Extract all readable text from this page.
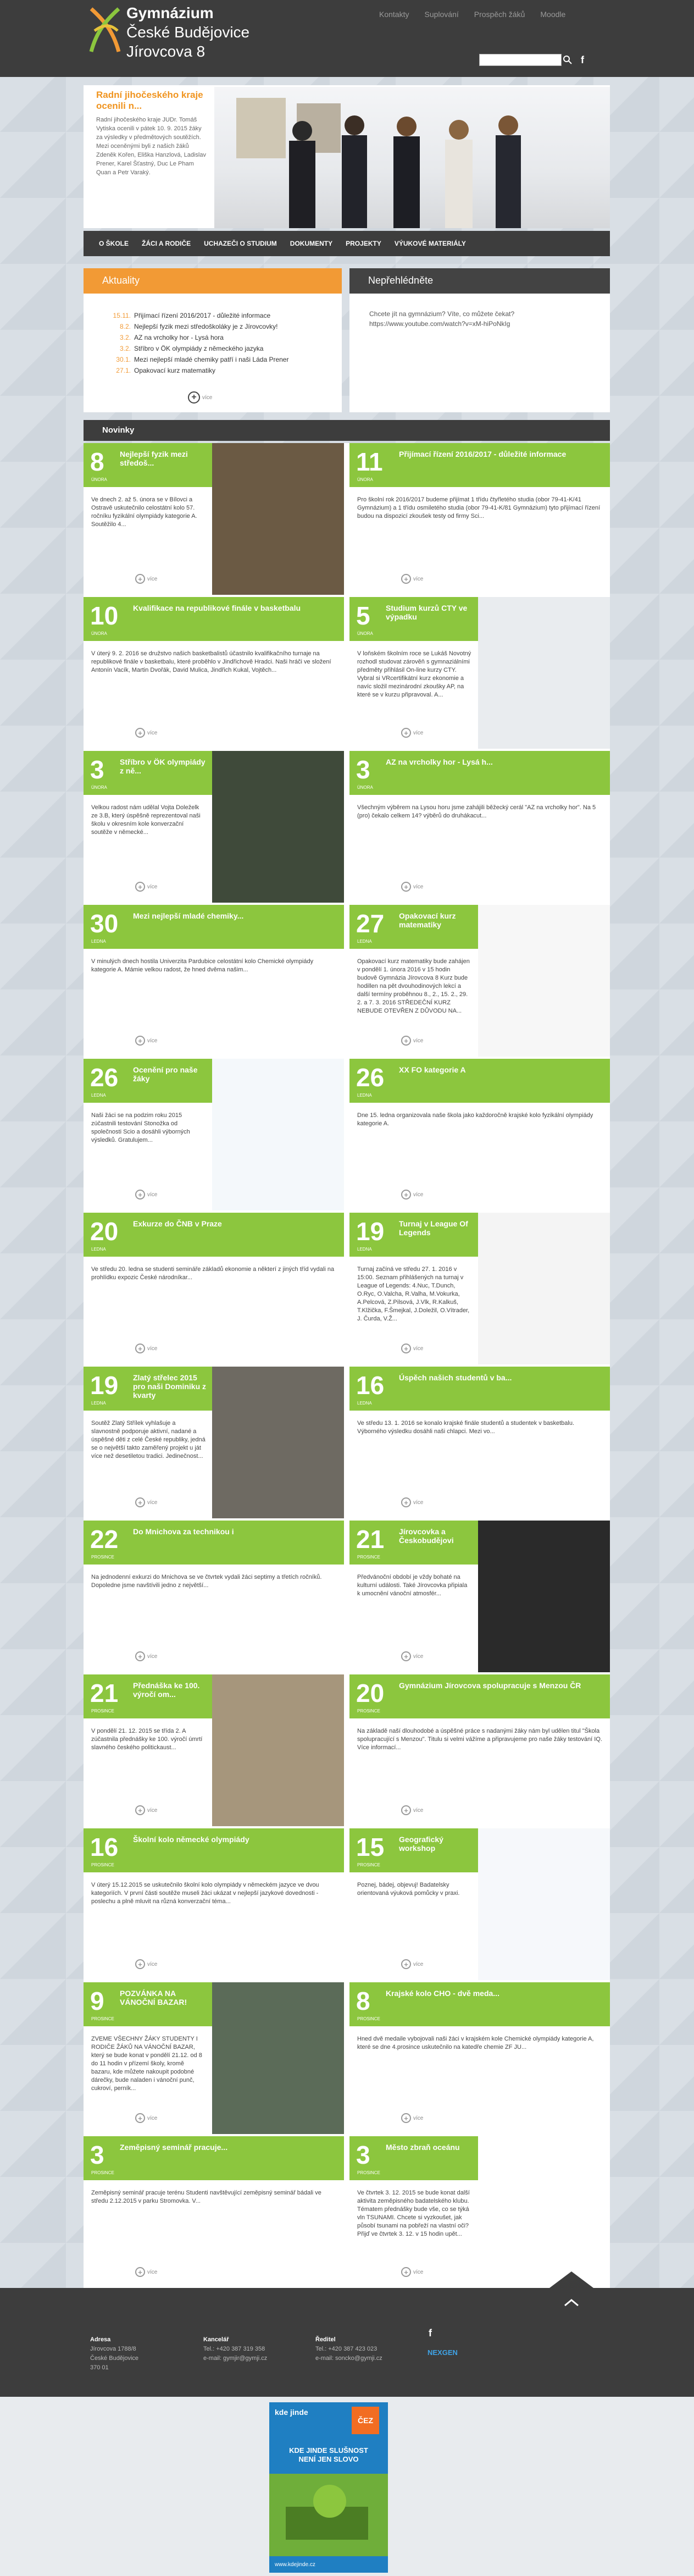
Gymnázium
České Budějovice
Jírovcova 8
Kontakty Suplování Prospěch žáků Moodle
f
Radní jihočeského kraje ocenili n...
Radní jihočeského kraje JUDr. Tomáš Vytiska ocenili v pátek 10. 9. 2015 žáky za výsledky v předmětových soutěžích. Mezi oceněnými byli z našich žáků Zdeněk Kořen, Eliška Hanzlová, Ladislav Prener, Karel Šťastný, Duc Le Pham Quan a Petr Varaký.
O ŠKOLE ŽÁCI A RODIČE UCHAZEČI O STUDIUM DOKUMENTY PROJEKTY VÝUKOVÉ MATERIÁLY
Aktuality
15.11. Přijímací řízení 2016/2017 - důležité informace
8.2. Nejlepší fyzik mezi středoškoláky je z Jírovcovky!
3.2. AZ na vrcholky hor - Lysá hora
3.2. Stříbro v ÖK olympiády z německého jazyka
30.1. Mezi nejlepší mladé chemiky patří i naši Láda Prener
27.1. Opakovací kurz matematiky
+	více
Nepřehlédněte
Chcete jít na gymnázium? Víte, co můžete čekat? https://www.youtube.com/watch?v=xM-hiPoNkIg
Novinky
8
ÚNORA
Nejlepší fyzik mezi středoš...
Ve dnech 2. až 5. února se v Bílovci a Ostravě uskutečnilo celostátní kolo 57. ročníku fyzikální olympiády kategorie A. Soutěžilo 4...
+ více
11
ÚNORA
Přijímací řízení 2016/2017 - důležité informace
Pro školní rok 2016/2017 budeme přijímat 1 třídu čtyřletého studia (obor 79-41-K/41 Gymnázium) a 1 třídu osmiletého studia (obor 79-41-K/81 Gymnázium) tyto přijímací řízení budou na dispozicí zkoušek testy od firmy Sci...
+ více
10
ÚNORA
Kvalifikace na republikové finále v basketbalu
V úterý 9. 2. 2016 se družstvo našich basketbalistů účastnilo kvalifikačního turnaje na republikové finále v basketbalu, které proběhlo v Jindřichově Hradci. Naši hráči ve složení Antonín Vacík, Martin Dvořák, David Mulica, Jindřich Kukal, Vojtěch...
+ více
5
ÚNORA
Studium kurzů CTY ve výpadku
V loňském školním roce se Lukáš Novotný rozhodl studovat zárověň s gymnaziálními předměty přihlásil On-line kurzy CTY. Vybral si VRcertifikátní kurz ekonomie a navíc složil mezinárodní zkoušky AP, na které se v kurzu připravoval. A...
+ více
3
ÚNORA
Stříbro v ÖK olympiády z ně...
Velkou radost nám udělal Vojta Doleželk ze 3.B, který úspěšně reprezentoval naši školu v okresním kole konverzační soutěže v německé...
+ více
3
ÚNORA
AZ na vrcholky hor - Lysá h...
Všechným výběrem na Lysou horu jsme zahájili běžecký cerál "AZ na vrcholky hor". Na 5 (pro) čekalo celkem 14? výběrů do druhákacut...
+ více
30
LEDNA
Mezi nejlepší mladé chemiky...
V minulých dnech hostila Univerzita Pardubice celostátní kolo Chemické olympiády kategorie A. Mámie velkou radost, že hned dvěma našim...
+ více
27
LEDNA
Opakovací kurz matematiky
Opakovací kurz matematiky bude zahájen v pondělí 1. února 2016 v 15 hodin budově Gymnázia Jírovcova 8 Kurz bude hodillen na pět dvouhodinových lekcí a další termíny proběhnou 8., 2., 15. 2., 29. 2. a 7. 3. 2016 STŘEDEČNÍ KURZ NEBUDE OTEVŘEN Z DŮVODU NA...
+ více
26
LEDNA
Ocenění pro naše žáky
Naši žáci se na podzim roku 2015 zúčastnili testování Stonožka od společnosti Scio a dosáhli výborných výsledků. Gratulujem...
+ více
26
LEDNA
XX FO kategorie A
Dne 15. ledna organizovala naše škola jako každoročně krajské kolo fyzikální olympiády kategorie A.
+ více
20
LEDNA
Exkurze do ČNB v Praze
Ve středu 20. ledna se studenti semináře základů ekonomie a některí z jiných tříd vydali na prohlídku expozic České národníkar...
+ více
19
LEDNA
Turnaj v League Of Legends
Turnaj začíná ve středu 27. 1. 2016 v 15:00. Seznam přihlášených na turnaj v League of Legends: 4.Nuc, T.Dunch, O.Ryc, O.Valcha, R.Valha, M.Vokurka, A.Pelcová, Z.Pilsová, J.Vlk, R.Kalkuš, T.Klžičkа, F.Šmejkal, J.Doležil, O.Vítrader, J. Čurda, V.Ž...
+ více
19
LEDNA
Zlatý střelec 2015 pro naši Dominiku z kvarty
Soutěž Zlatý Střílek vyhlašuje a slavnostně podporuje aktivní, nadané a úspěšné děti z celé České republiky, jedná se o největší takto zaměřený projekt u ját více než desetiletou tradici. Jedinečnost...
+ více
16
LEDNA
Úspěch našich studentů v ba...
Ve středu 13. 1. 2016 se konalo krajské finále studentů a studentek v basketbalu. Výborného výsledku dosáhli naši chlapci. Mezi vo...
+ více
22
PROSINCE
Do Mnichova za technikou i
Na jednodenní exkurzi do Mnichova se ve čtvrtek vydali žáci septimy a třetích ročníků. Dopoledne jsme navštívili jedno z největší...
+ více
21
PROSINCE
Jírovcovka a Českobudějovi
Předvánoční období je vždy bohaté na kulturní události. Také Jírovcovka připiala k umocnění vánoční atmosfér...
+ více
21
PROSINCE
Přednáška ke 100. výročí om...
V pondělí 21. 12. 2015 se třída 2. A zúčastnila přednášky ke 100. výročí úmrtí slavného českého politickaust...
+ více
20
PROSINCE
Gymnázium Jírovcova spolupracuje s Menzou ČR
Na základě naší dlouhodobé a úspěšné práce s nadanými žáky nám byl udělen titul "Škola spolupracující s Menzou". Titulu si velmi vážíme a připravujeme pro naše žáky testování IQ. Více informací...
+ více
16
PROSINCE
Školní kolo německé olympiády
V úterý 15.12.2015 se uskutečnilo školní kolo olympiády v německém jazyce ve dvou kategoriích. V první části soutěže museli žáci ukázat v nejlepší jazykové dovednosti - poslechu a plně mluvit na různá konverzační téma...
+ více
15
PROSINCE
Geografický workshop
Poznej, bádej, objevuj! Badatelsky orientovaná výuková pomůcky v praxi.
+ více
9
PROSINCE
POZVÁNKA NA VÁNOČNÍ BAZAR!
ZVEME VŠECHNY ŽÁKY STUDENTY I RODIČE ŽÁKŮ NA VÁNOČNÍ BAZAR, který se bude konat v pondělí 21.12. od 8 do 11 hodin v přízemí školy, kromě bazaru, kde můžete nakoupit podobné dárečky, bude naladen i vánoční punč, cukroví, perník...
+ více
8
PROSINCE
Krajské kolo CHO - dvě meda...
Hned dvě medaile vybojovali naši žáci v krajském kole Chemické olympiády kategorie A, které se dne 4.prosince uskutečnilo na katedře chemie ZF JU...
+ více
3
PROSINCE
Zeměpisný seminář pracuje...
Zeměpisný seminář pracuje terénu Studenti navštěvující zeměpisný seminář bádali ve středu 2.12.2015 v parku Stromovka. V...
+ více
3
PROSINCE
Město zbraň oceánu
Ve čtvrtek 3. 12. 2015 se bude konat další aktivita zeměpisného badatelského klubu. Tématem přednášky bude vše, co se týká vln TSUNAMI. Chcete si vyzkoušet, jak působí tsunami na pobřeží na vlastní oči? Přijď ve čtvrtek 3. 12. v 15 hodin upět...
+ více
Adresa
Jírovcova 1788/8
České Budějovice
370 01
Kancelář
Tel.: +420 387 319 358
e-mail: gymjir@gymji.cz
Ředitel
Tel.: +420 387 423 023
e-mail: soncko@gymji.cz
f
NEXGEN
kde jinde
ČEZ
KDE JINDE SLUŠNOST NENÍ JEN SLOVO
www.kdejinde.cz
